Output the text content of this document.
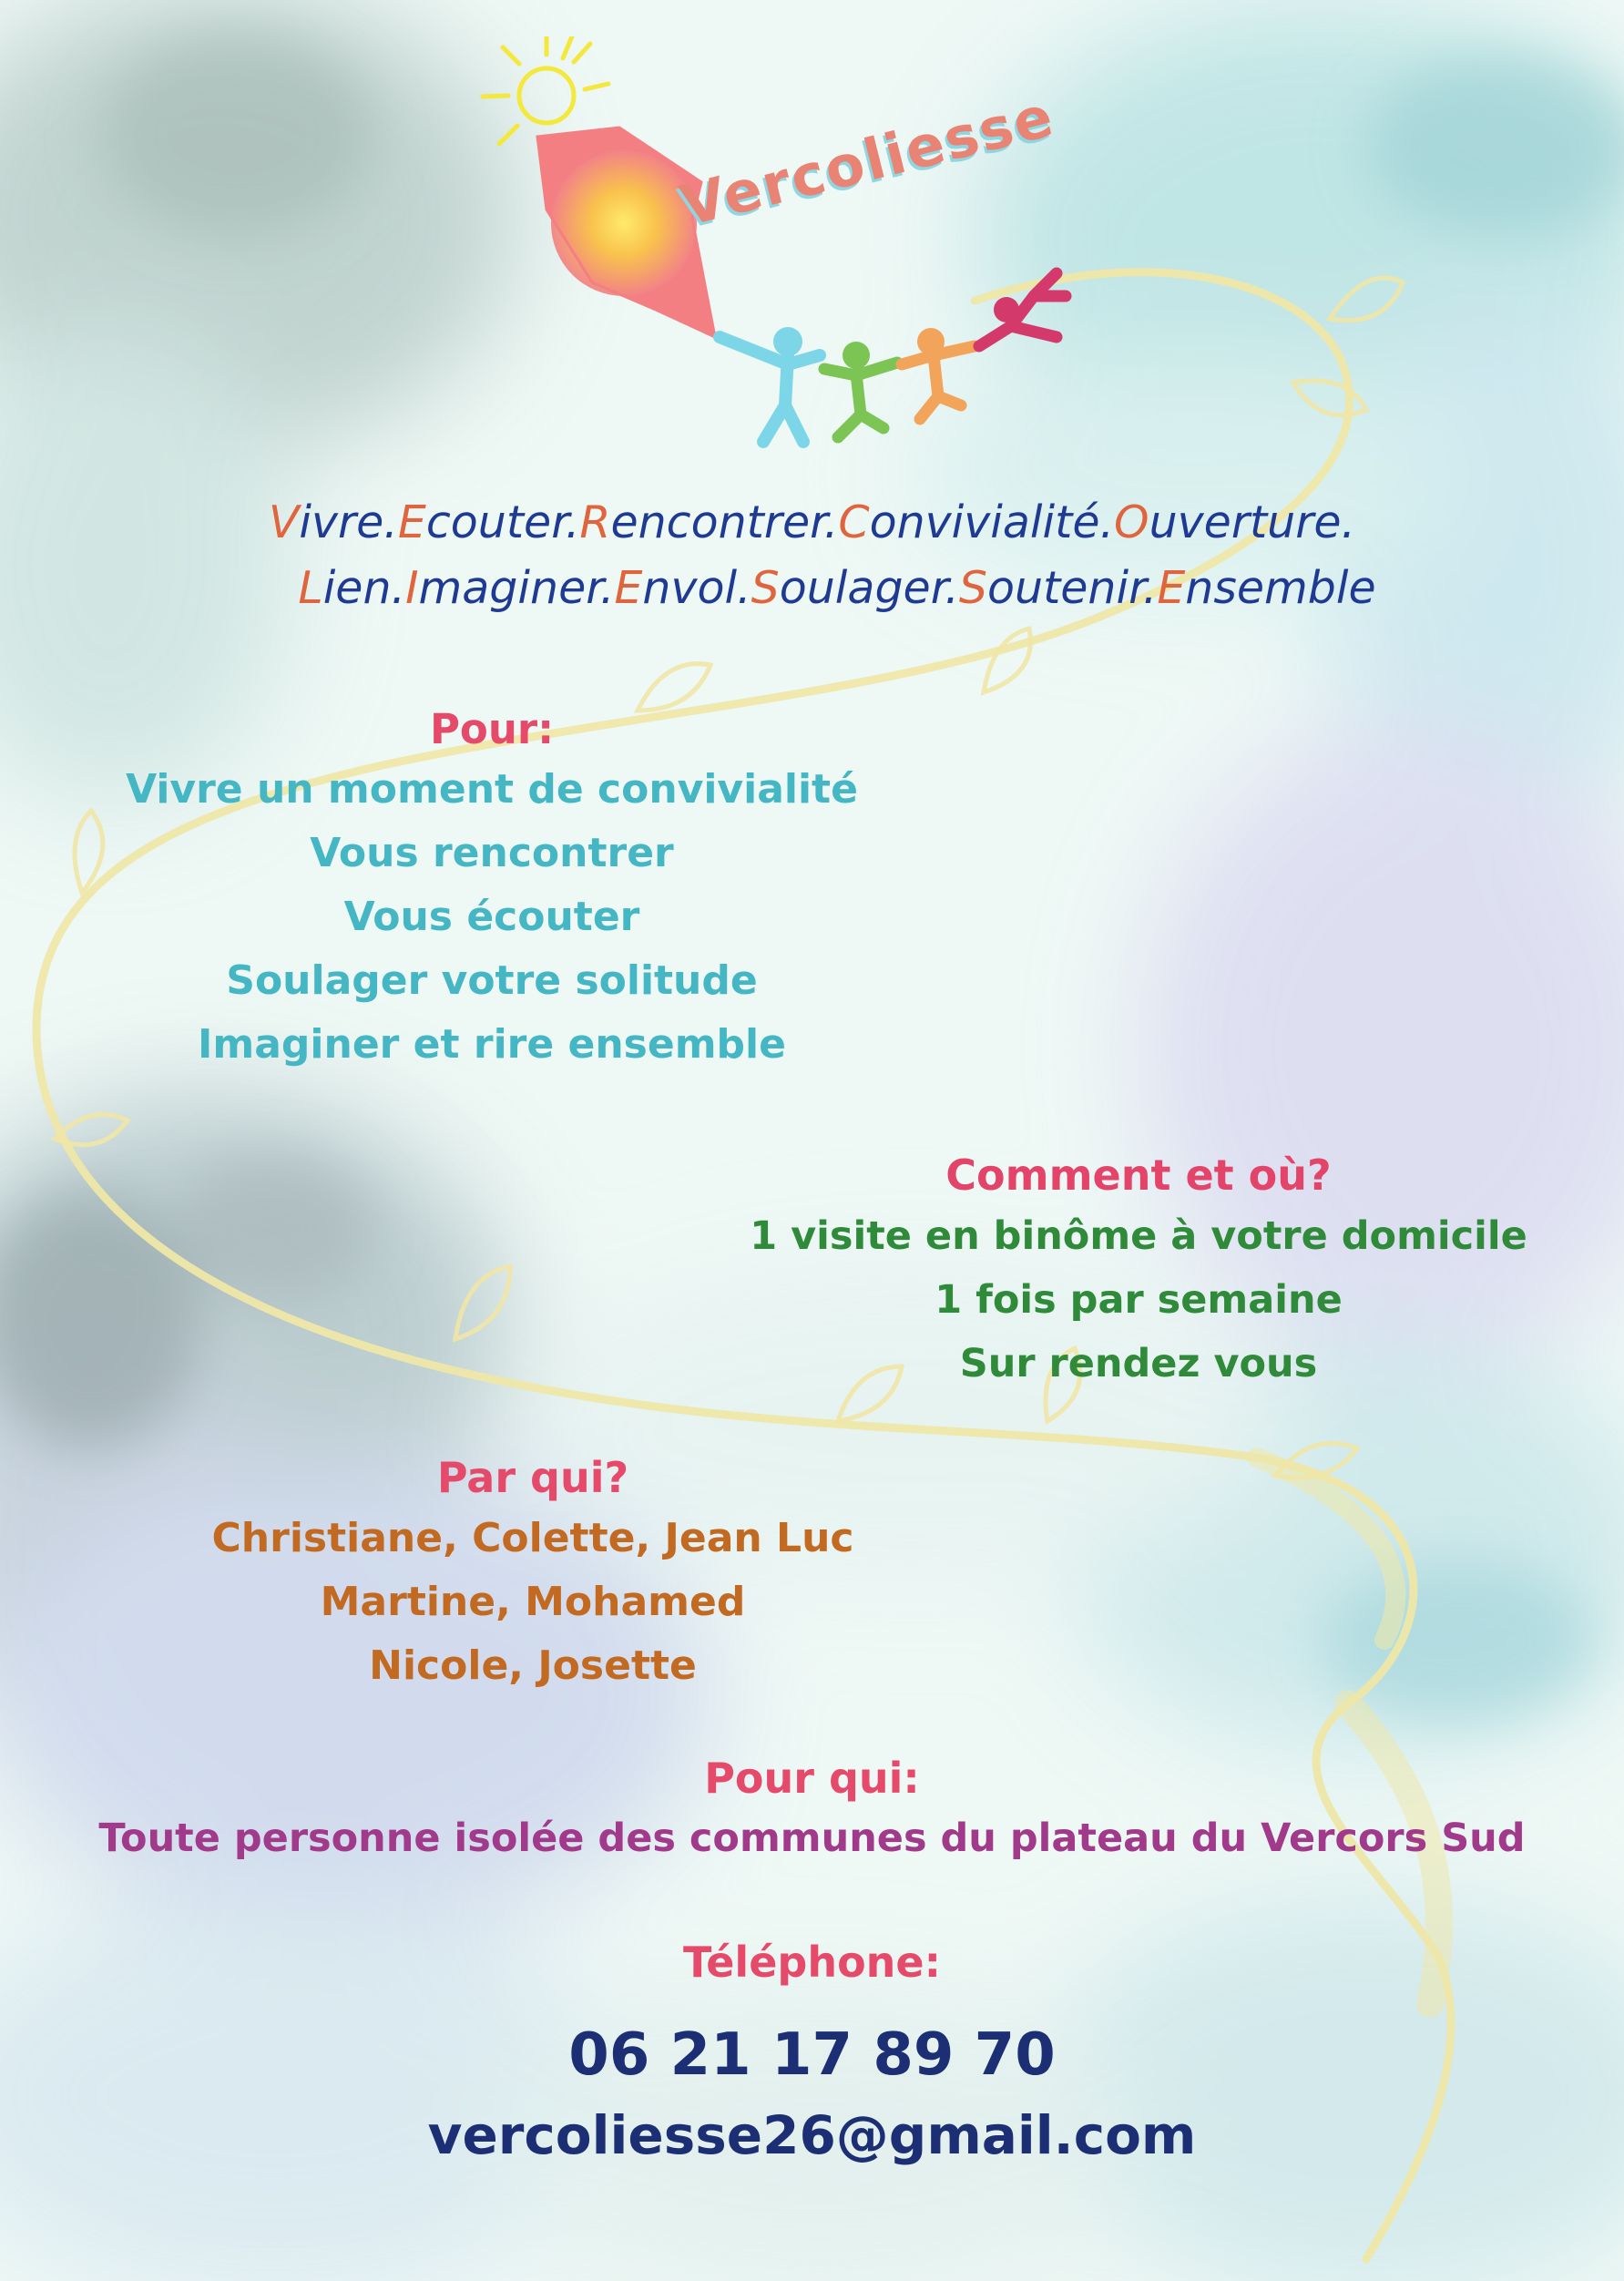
Vercoliesse
Vivre.Ecouter.Rencontrer.Convivialité.Ouverture.
Lien.Imaginer.Envol.Soulager.Soutenir.Ensemble
Pour:
Vivre un moment de convivialité
Vous rencontrer
Vous écouter
Soulager votre solitude
Imaginer et rire ensemble
Comment et où?
1 visite en binôme à votre domicile
1 fois par semaine
Sur rendez vous
Par qui?
Christiane, Colette, Jean Luc
Martine, Mohamed
Nicole, Josette
Pour qui:
Toute personne isolée des communes du plateau du Vercors Sud
Téléphone:
06 21 17 89 70
vercoliesse26@gmail.com
